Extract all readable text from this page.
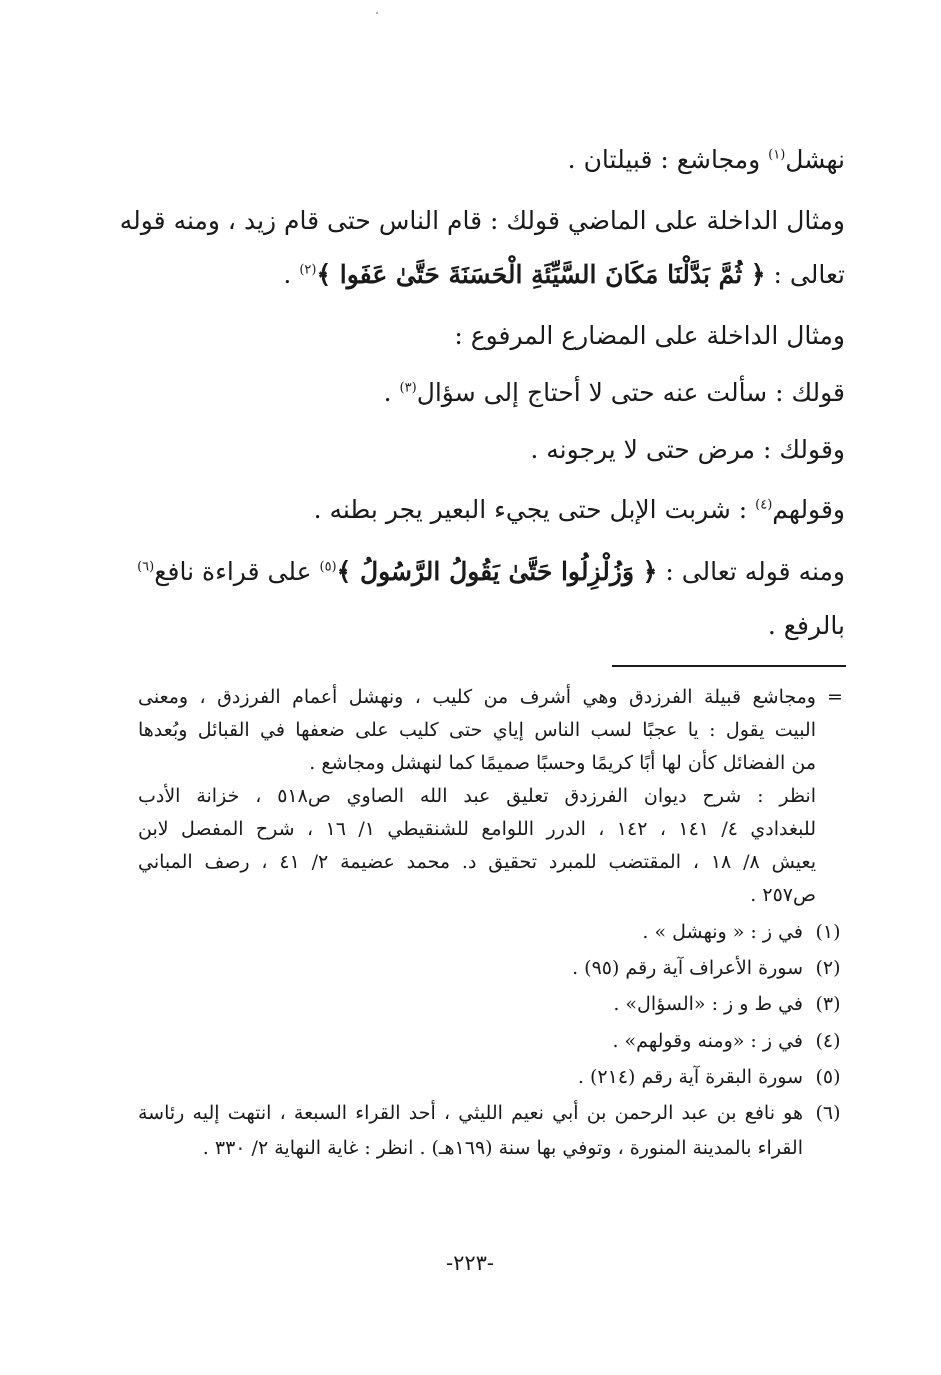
نهشل$^{(١)}$ ومجاشع : قبيلتان .
ومثال الداخلة على الماضي قولك : قام الناس حتى قام زيد ، ومنه قوله
تعالى : ﴿ ثُمَّ بَدَّلْنَا مَكَانَ السَّيِّئَةِ الْحَسَنَةَ حَتَّىٰ عَفَوا ﴾$^{(٢)}$ .
ومثال الداخلة على المضارع المرفوع :
قولك : سألت عنه حتى لا أحتاج إلى سؤال$^{(٣)}$ .
وقولك : مرض حتى لا يرجونه .
وقولهم$^{(٤)}$ : شربت الإبل حتى يجيء البعير يجر بطنه .
ومنه قوله تعالى : ﴿ وَزُلْزِلُوا حَتَّىٰ يَقُولُ الرَّسُولُ ﴾$^{(٥)}$ على قراءة نافع$^{(٦)}$
بالرفع .
=
ومجاشع قبيلة الفرزدق وهي أشرف من كليب ، ونهشل أعمام الفرزدق ، ومعنى
البيت يقول : يا عجبًا لسب الناس إياي حتى كليب على ضعفها في القبائل وبُعدها
من الفضائل كأن لها أبًا كريمًا وحسبًا صميمًا كما لنهشل ومجاشع .
انظر : شرح ديوان الفرزدق تعليق عبد الله الصاوي ص٥١٨ ، خزانة الأدب
للبغدادي ٤/ ١٤١ ، ١٤٢ ، الدرر اللوامع للشنقيطي ١/ ١٦ ، شرح المفصل لابن
يعيش ٨/ ١٨ ، المقتضب للمبرد تحقيق د. محمد عضيمة ٢/ ٤١ ، رصف المباني
ص٢٥٧ .
(١)
في ز : « ونهشل » .
(٢)
سورة الأعراف آية رقم (٩٥) .
(٣)
في ط و ز : «السؤال» .
(٤)
في ز : «ومنه وقولهم» .
(٥)
سورة البقرة آية رقم (٢١٤) .
(٦)
هو نافع بن عبد الرحمن بن أبي نعيم الليثي ، أحد القراء السبعة ، انتهت إليه رئاسة
القراء بالمدينة المنورة ، وتوفي بها سنة (١٦٩هـ) . انظر : غاية النهاية ٢/ ٣٣٠ .
-٢٢٣-
